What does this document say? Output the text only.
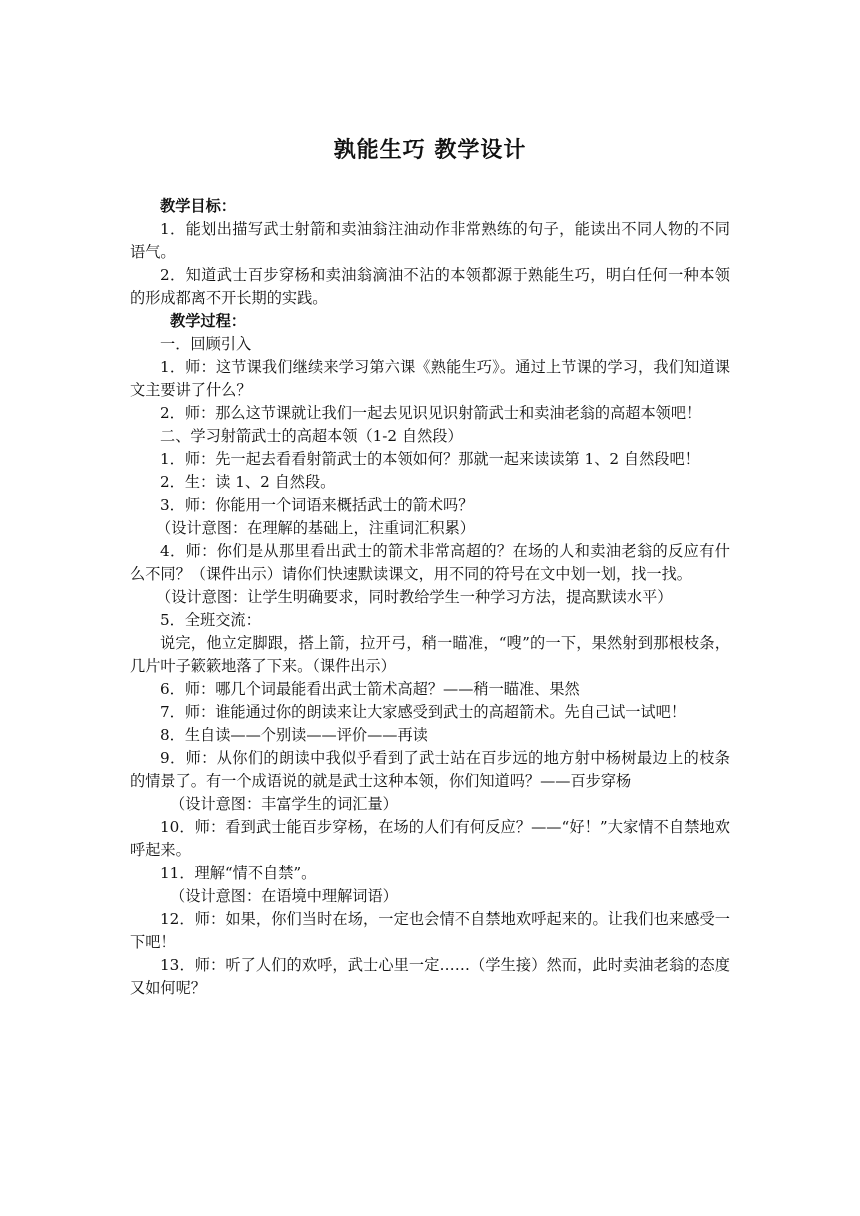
孰能生巧 教学设计

教学目标：

1．能划出描写武士射箭和卖油翁注油动作非常熟练的句子，能读出不同人物的不同语气。

2．知道武士百步穿杨和卖油翁滴油不沾的本领都源于熟能生巧，明白任何一种本领的形成都离不开长期的实践。

教学过程：

一．回顾引入

1．师：这节课我们继续来学习第六课《熟能生巧》。通过上节课的学习，我们知道课文主要讲了什么？

2．师：那么这节课就让我们一起去见识见识射箭武士和卖油老翁的高超本领吧！

二、学习射箭武士的高超本领（1-2 自然段）

1．师：先一起去看看射箭武士的本领如何？那就一起来读读第 1、2 自然段吧！

2．生：读 1、2 自然段。

3．师：你能用一个词语来概括武士的箭术吗？

（设计意图：在理解的基础上，注重词汇积累）

4．师：你们是从那里看出武士的箭术非常高超的？在场的人和卖油老翁的反应有什么不同？（课件出示）请你们快速默读课文，用不同的符号在文中划一划，找一找。

（设计意图：让学生明确要求，同时教给学生一种学习方法，提高默读水平）

5．全班交流：

说完，他立定脚跟，搭上箭，拉开弓，稍一瞄准，“嗖”的一下，果然射到那根枝条，几片叶子簌簌地落了下来。（课件出示）

6．师：哪几个词最能看出武士箭术高超？——稍一瞄准、果然

7．师：谁能通过你的朗读来让大家感受到武士的高超箭术。先自己试一试吧！

8．生自读——个别读——评价——再读

9．师：从你们的朗读中我似乎看到了武士站在百步远的地方射中杨树最边上的枝条的情景了。有一个成语说的就是武士这种本领，你们知道吗？——百步穿杨

（设计意图：丰富学生的词汇量）

10．师：看到武士能百步穿杨，在场的人们有何反应？——“好！”大家情不自禁地欢呼起来。

11．理解“情不自禁”。

（设计意图：在语境中理解词语）

12．师：如果，你们当时在场，一定也会情不自禁地欢呼起来的。让我们也来感受一下吧！

13．师：听了人们的欢呼，武士心里一定……（学生接）然而，此时卖油老翁的态度又如何呢？
